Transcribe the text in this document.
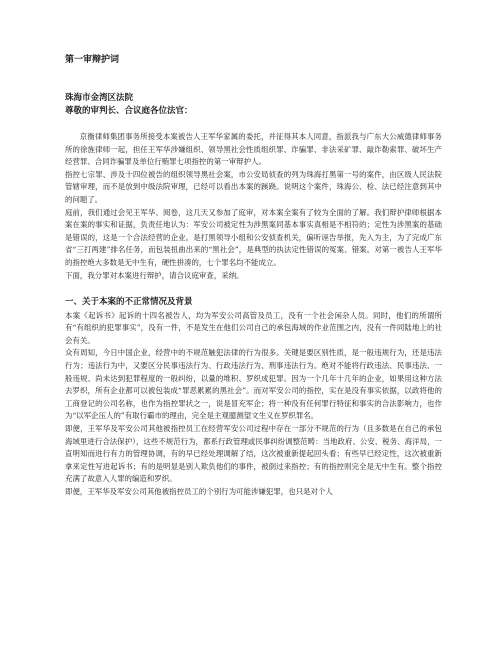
第一审辩护词
珠海市金湾区法院
尊敬的审判长、合议庭各位法官：

京衡律师集团事务所接受本案被告人王军华家属的委托，并征得其本人同意，指派我与广东大公威德律师事务所的徐旌律师一起，担任王军华涉嫌组织、领导黑社会性质组织罪、诈骗罪、非法采矿罪、敲诈勒索罪、破坏生产经营罪、合同诈骗罪及单位行贿罪七项指控的第一审辩护人。

指控七宗罪、涉及十四位被告的组织领导黑社会案，市公安局侦查的列为珠海打黑第一号的案件，由区级人民法院管辖审理，而不是放到中级法院审理，已经可以看出本案的蹊跷。说明这个案件，珠海公、检、法已经注意到其中的问题了。

庭前，我们通过会见王军华、阅卷，这几天又参加了庭审，对本案全案有了较为全面的了解。我们辩护律师根据本案在案的事实和证据，负责任地认为：军安公司被定性为涉黑案同基本事实真相是不相符的；定性为涉黑案的基础是错误的，这是一个合法经营的企业。是打黑领导小组和公安侦查机关，偏听诬告举报，先入为主，为了完成广东省“三打两建”排名任务，而包装扭曲出来的“黑社会”，是典型的执法定性错误的冤案、错案。对第一被告人王军华的指控绝大多数是无中生有，硬性拼凑的，七个罪名均不能成立。

下面，我分罪对本案进行辩护，请合议庭审查，采纳。

一、关于本案的不正常情况及背景

本案《起诉书》起诉的十四名被告人，均为军安公司高管及员工，没有一个社会闲杂人员。同时，他们的所谓所有“有组织的犯罪事实”，没有一件，不是发生在他们公司自己的承包海域的作业范围之内，没有一件同陆地上的社会有关。

众有周知，今日中国企业，经营中的不规范触犯法律的行为很多。关键是要区别性质，是一般违规行为，还是违法行为；违法行为中，又要区分民事违法行为、行政违法行为、刑事违法行为。绝对不能将行政违法、民事违法、一般违规、尚未达到犯罪程度的一般纠纷，以量的堆积、罗织成犯罪。因为一个几年十几年的企业，如果用这种方法去罗织，所有企业都可以被包装成“罪恶累累的黑社会”。而对军安公司的指控，实在是没有事实依据，以政将他的工商登记的公司名称，也作为指控罪状之一，说是冒充军企；将一种没有任何罪行特征和事实的合法影响力，也作为“以军企压人的”有取行霸市的理由，完全是主观臆测望文生义在罗织罪名。

即便，王军华及军安公司其他被指控员工在经营军安公司过程中存在一部分不规范的行为（且多数是在自己的承包海域里进行合法保护），这些不规范行为，都系行政管理或民事纠纷调整范畴：当地政府、公安、税务、海洋局，一直明知而进行有力的管理协调，有的早已经处理调解了结，这次被重新提起回头看；有些早已经定性，这次被重新拿来定性写进起诉书；有的是明显是别人欺负他们的事件，被倒过来指控；有的指控则完全是无中生有。整个指控充满了故意入人罪的编造和罗织。

即便，王军华及军安公司其他被指控员工的个别行为可能涉嫌犯罪，也只是对个人
